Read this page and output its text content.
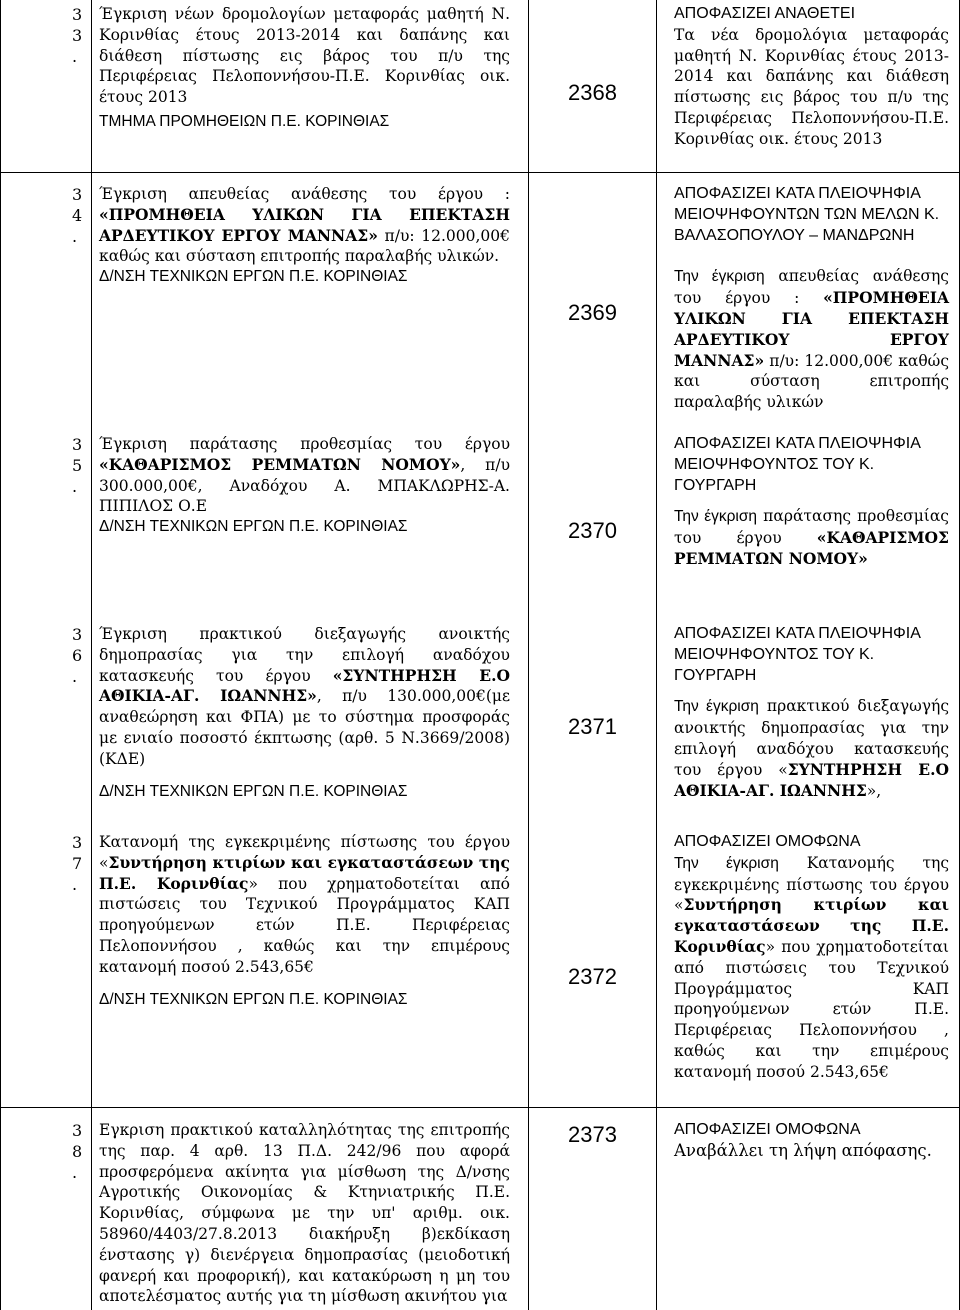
3
3
.

Έγκριση νέων δρομολογίων μεταφοράς μαθητή Ν. Κορινθίας έτους 2013-2014 και δαπάνης και διάθεση πίστωσης εις βάρος του π/υ της Περιφέρειας Πελοποννήσου-Π.Ε. Κορινθίας οικ. έτους 2013

ΤΜΗΜΑ ΠΡΟΜΗΘΕΙΩΝ Π.Ε. ΚΟΡΙΝΘΙΑΣ

2368
ΑΠΟΦΑΣΙΖΕΙ ΑΝΑΘΕΤΕΙ
Τα νέα δρομολόγια μεταφοράς μαθητή Ν. Κορινθίας έτους 2013-2014 και δαπάνης και διάθεση πίστωσης εις βάρος του π/υ της Περιφέρειας Πελοποννήσου-Π.Ε. Κορινθίας οικ. έτους 2013
3
4
.

Έγκριση απευθείας ανάθεσης του έργου : «ΠΡΟΜΗΘΕΙΑ ΥΛΙΚΩΝ ΓΙΑ ΕΠΕΚΤΑΣΗ ΑΡΔΕΥΤΙΚΟΥ ΕΡΓΟΥ ΜΑΝΝΑΣ» π/υ: 12.000,00€ καθώς και σύσταση επιτροπής παραλαβής υλικών.

Δ/ΝΣΗ ΤΕΧΝΙΚΩΝ ΕΡΓΩΝ Π.Ε. ΚΟΡΙΝΘΙΑΣ

2369
ΑΠΟΦΑΣΙΖΕΙ ΚΑΤΑ ΠΛΕΙΟΨΗΦΙΑ ΜΕΙΟΨΗΦΟΥΝΤΩΝ ΤΩΝ ΜΕΛΩΝ Κ. ΒΑΛΑΣΟΠΟΥΛΟΥ – ΜΑΝΔΡΩΝΗ
Την έγκριση απευθείας ανάθεσης του έργου : «ΠΡΟΜΗΘΕΙΑ ΥΛΙΚΩΝ ΓΙΑ ΕΠΕΚΤΑΣΗ ΑΡΔΕΥΤΙΚΟΥ ΕΡΓΟΥ ΜΑΝΝΑΣ» π/υ: 12.000,00€ καθώς και σύσταση επιτροπής παραλαβής υλικών
3
5
.

Έγκριση παράτασης προθεσμίας του έργου «ΚΑΘΑΡΙΣΜΟΣ ΡΕΜΜΑΤΩΝ ΝΟΜΟΥ», π/υ 300.000,00€, Αναδόχου Α. ΜΠΑΚΛΩΡΗΣ-Α. ΠΙΠΙΛΟΣ Ο.Ε

Δ/ΝΣΗ ΤΕΧΝΙΚΩΝ ΕΡΓΩΝ Π.Ε. ΚΟΡΙΝΘΙΑΣ	2370
ΑΠΟΦΑΣΙΖΕΙ ΚΑΤΑ ΠΛΕΙΟΨΗΦΙΑ ΜΕΙΟΨΗΦΟΥΝΤΟΣ ΤΟΥ Κ. ΓΟΥΡΓΑΡΗ
Την έγκριση παράτασης προθεσμίας του έργου «ΚΑΘΑΡΙΣΜΟΣ ΡΕΜΜΑΤΩΝ ΝΟΜΟΥ»
3
6
.

Έγκριση πρακτικού διεξαγωγής ανοικτής δημοπρασίας για την επιλογή αναδόχου κατασκευής του έργου «ΣΥΝΤΗΡΗΣΗ Ε.Ο ΑΘΙΚΙΑ-ΑΓ. ΙΩΑΝΝΗΣ», π/υ 130.000,00€(με αναθεώρηση και ΦΠΑ) με το σύστημα προσφοράς με ενιαίο ποσοστό έκπτωσης (αρθ. 5 Ν.3669/2008)(ΚΔΕ)

Δ/ΝΣΗ ΤΕΧΝΙΚΩΝ ΕΡΓΩΝ Π.Ε. ΚΟΡΙΝΘΙΑΣ

2371
ΑΠΟΦΑΣΙΖΕΙ ΚΑΤΑ ΠΛΕΙΟΨΗΦΙΑ ΜΕΙΟΨΗΦΟΥΝΤΟΣ ΤΟΥ Κ. ΓΟΥΡΓΑΡΗ
Την έγκριση πρακτικού διεξαγωγής ανοικτής δημοπρασίας για την επιλογή αναδόχου κατασκευής του έργου «ΣΥΝΤΗΡΗΣΗ Ε.Ο ΑΘΙΚΙΑ-ΑΓ. ΙΩΑΝΝΗΣ»,
3
7
.

Κατανομή της εγκεκριμένης πίστωσης του έργου «Συντήρηση κτιρίων και εγκαταστάσεων της Π.Ε. Κορινθίας» που χρηματοδοτείται από πιστώσεις του Τεχνικού Προγράμματος ΚΑΠ προηγούμενων ετών Π.Ε. Περιφέρειας Πελοποννήσου , καθώς και την επιμέρους κατανομή ποσού 2.543,65€

Δ/ΝΣΗ ΤΕΧΝΙΚΩΝ ΕΡΓΩΝ Π.Ε. ΚΟΡΙΝΘΙΑΣ

2372
ΑΠΟΦΑΣΙΖΕΙ ΟΜΟΦΩΝΑ
Την έγκριση Κατανομής της εγκεκριμένης πίστωσης του έργου «Συντήρηση κτιρίων και εγκαταστάσεων της Π.Ε. Κορινθίας» που χρηματοδοτείται από πιστώσεις του Τεχνικού Προγράμματος ΚΑΠ προηγούμενων ετών Π.Ε. Περιφέρειας Πελοποννήσου , καθώς και την επιμέρους κατανομή ποσού 2.543,65€
3
8
.

Εγκριση πρακτικού καταλληλότητας της επιτροπής της παρ. 4 αρθ. 13 Π.Δ. 242/96 που αφορά προσφερόμενα ακίνητα για μίσθωση της Δ/νσης Αγροτικής Οικονομίας & Κτηνιατρικής Π.Ε. Κορινθίας, σύμφωνα με την υπ' αριθμ. οικ. 58960/4403/27.8.2013 διακήρυξη β)εκδίκαση ένστασης γ) διενέργεια δημοπρασίας (μειοδοτική φανερή και προφορική), και κατακύρωση η μη του αποτελέσματος αυτής για τη μίσθωση ακινήτου για

2373	ΑΠΟΦΑΣΙΖΕΙ ΟΜΟΦΩΝΑ
Αναβάλλει τη λήψη απόφασης.
